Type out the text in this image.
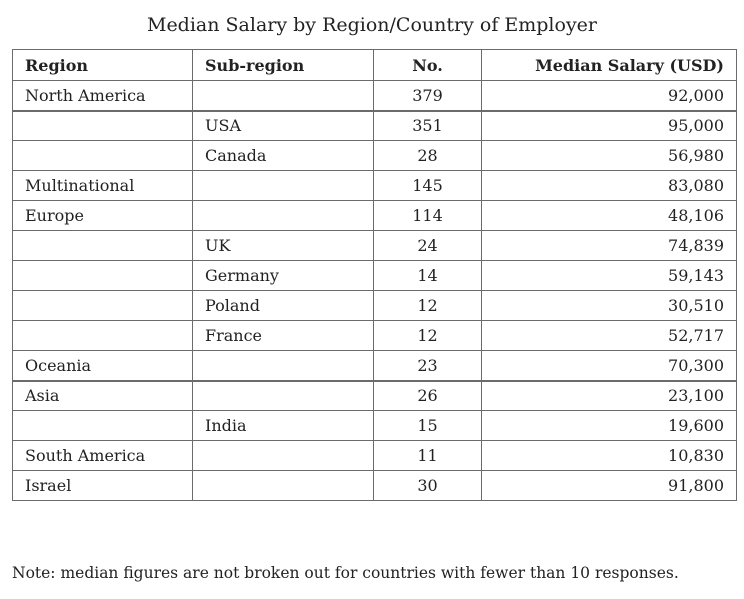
Median Salary by Region/Country of Employer
Region	Sub-region	No.	Median Salary (USD)
North America		379	92,000
	USA	351	95,000
	Canada	28	56,980
Multinational		145	83,080
Europe		114	48,106
	UK	24	74,839
	Germany	14	59,143
	Poland	12	30,510
	France	12	52,717
Oceania		23	70,300
Asia		26	23,100
	India	15	19,600
South America		11	10,830
Israel		30	91,800
Note: median figures are not broken out for countries with fewer than 10 responses.
